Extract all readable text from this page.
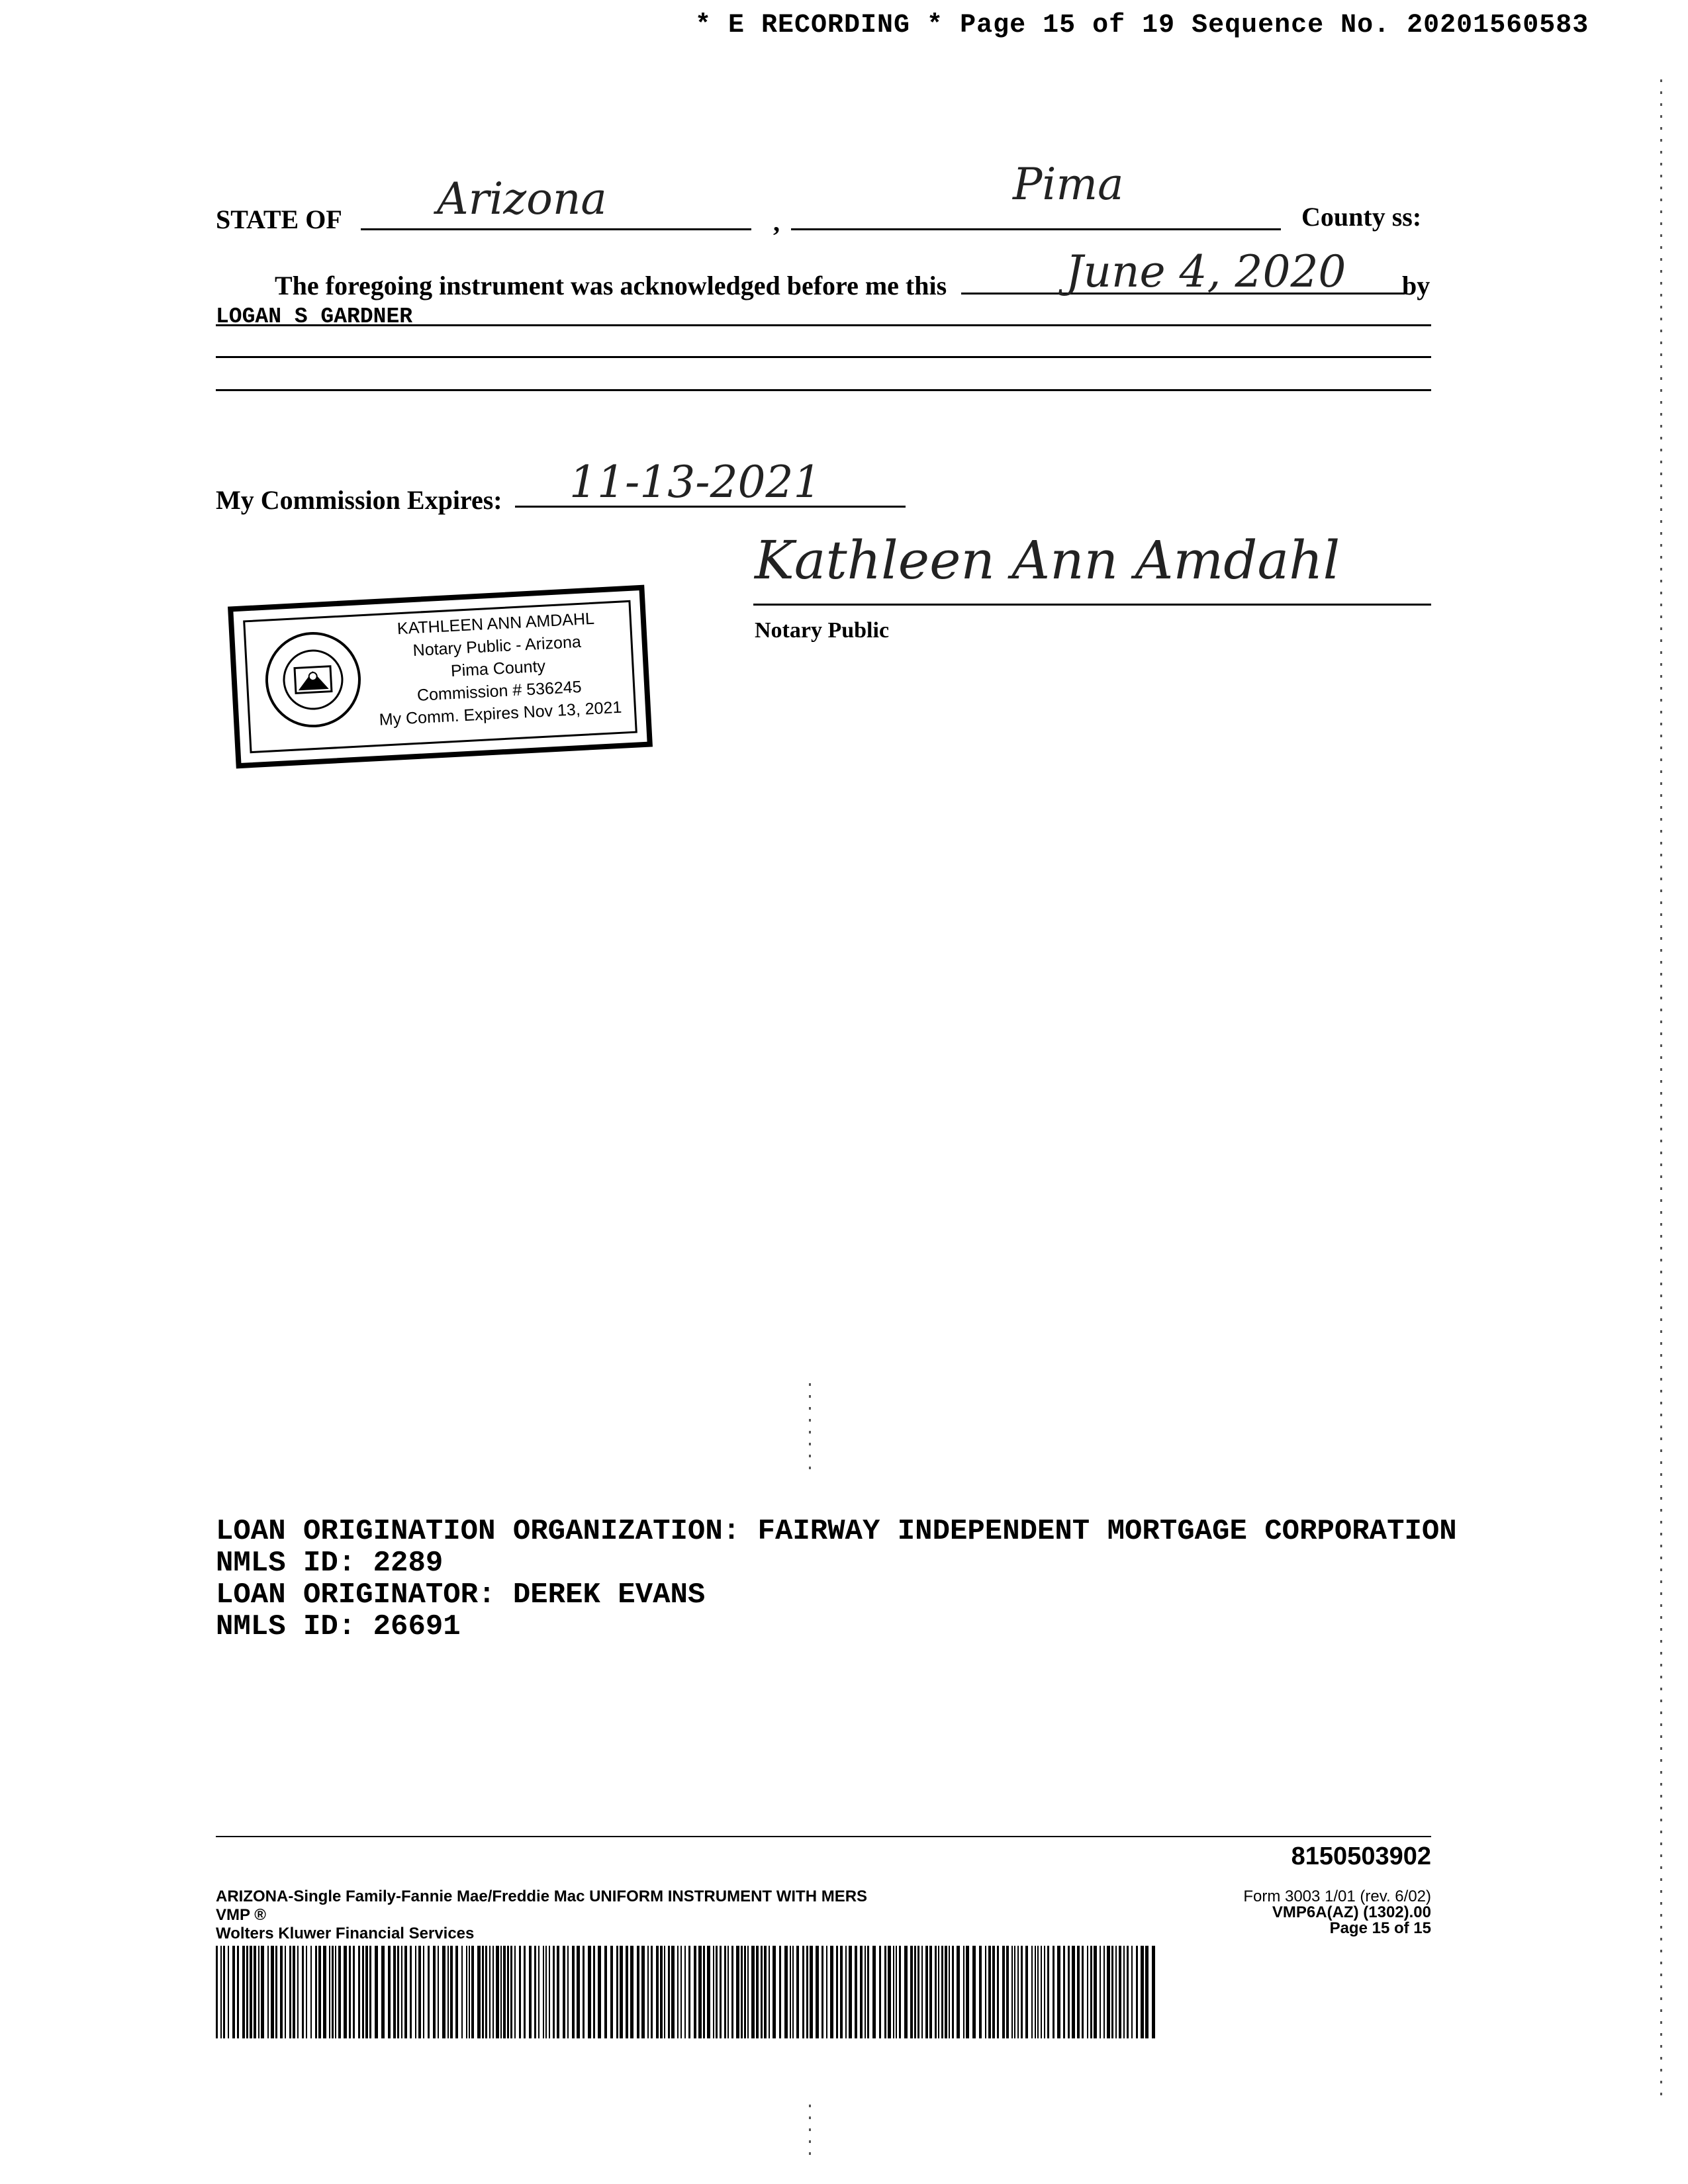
* E RECORDING * Page 15 of 19 Sequence No. 20201560583
STATE OF Arizona	,
Pima
County ss:
The foregoing instrument was acknowledged before me this	June 4, 2020 by
LOGAN S GARDNER
My Commission Expires: 11-13-2021
Kathleen Ann Amdahl
Notary Public
KATHLEEN ANN AMDAHL
Notary Public - Arizona
Pima County
Commission # 536245
My Comm. Expires Nov 13, 2021
LOAN ORIGINATION ORGANIZATION: FAIRWAY INDEPENDENT MORTGAGE CORPORATION
NMLS ID: 2289
LOAN ORIGINATOR: DEREK EVANS
NMLS ID: 26691
8150503902
ARIZONA-Single Family-Fannie Mae/Freddie Mac UNIFORM INSTRUMENT WITH MERS
VMP ®
Wolters Kluwer Financial Services
Form 3003 1/01 (rev. 6/02)
VMP6A(AZ) (1302).00
Page 15 of 15
